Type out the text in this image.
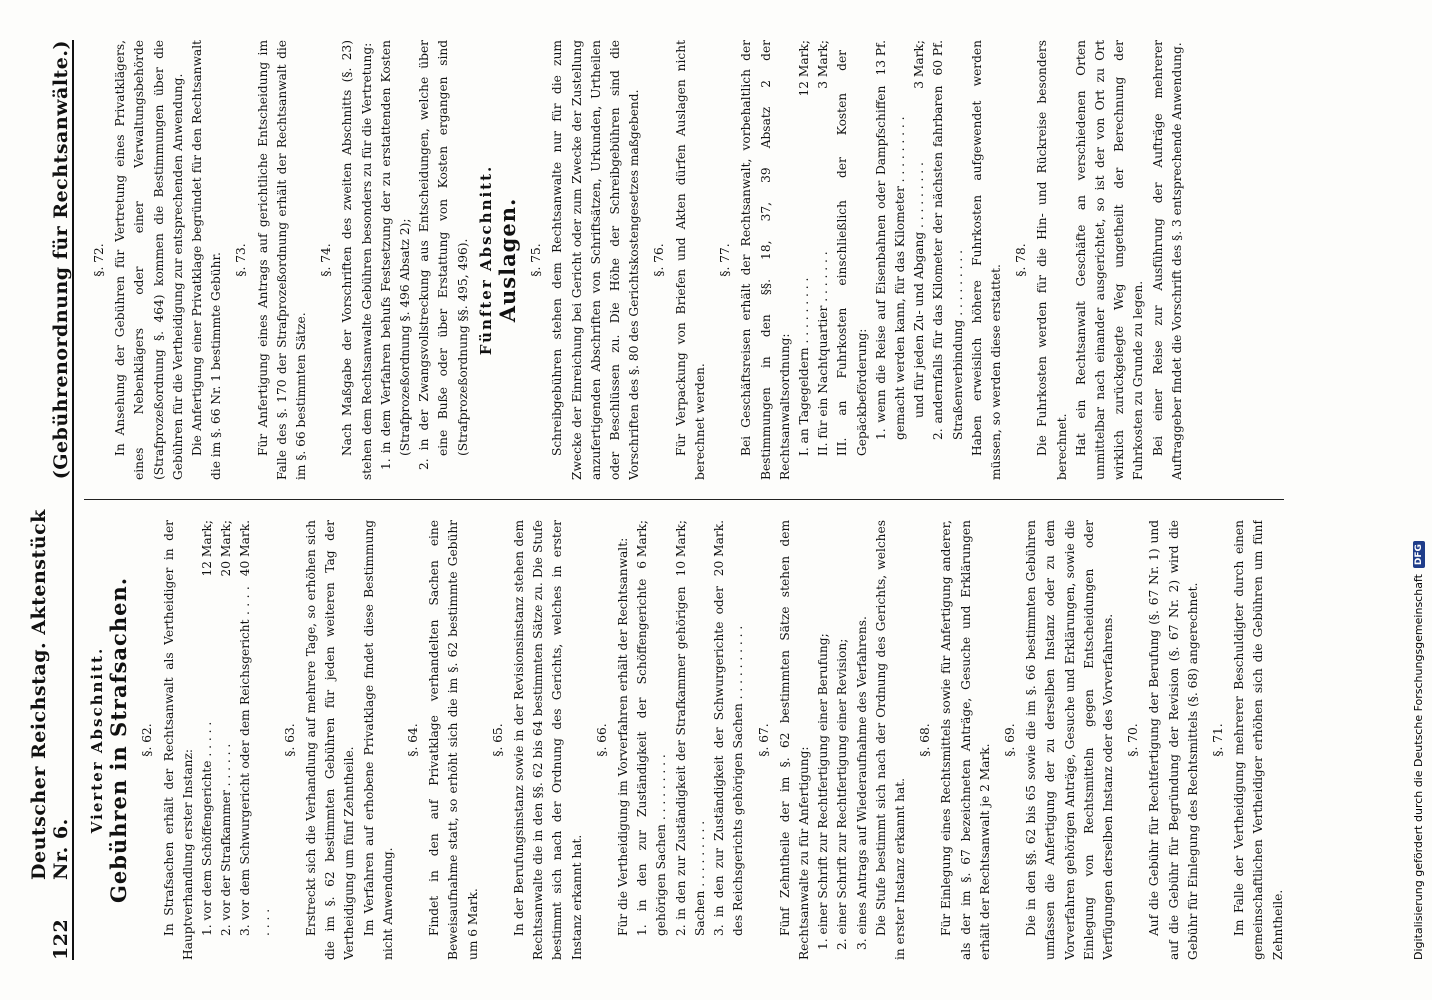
122
Deutscher Reichstag. Aktenstück Nr. 6.
(Gebührenordnung für Rechtsanwälte.)
Vierter Abschnitt. Gebühren in Strafsachen. §. 62. In Strafsachen erhält der Rechtsanwalt als Vertheidiger in der Hauptverhandlung erster Instanz: 1. vor dem Schöffengerichte . . . . .
12 Mark;
2. vor der Strafkammer . . . . . .
20 Mark;
3. vor dem Schwurgericht oder dem Reichsgericht . . . . . . . .
40 Mark.
§. 63. Erstreckt sich die Verhandlung auf mehrere Tage, so erhöhen sich die im §. 62 bestimmten Gebühren für jeden weiteren Tag der Vertheidigung um fünf Zehntheile. Im Verfahren auf erhobene Privatklage findet diese Bestimmung nicht Anwendung.

§. 64. Findet in den auf Privatklage verhandelten Sachen eine Beweisaufnahme statt, so erhöht sich die im §. 62 bestimmte Gebühr um 6 Mark.

§. 65. In der Berufungsinstanz sowie in der Revisionsinstanz stehen dem Rechtsanwalte die in den §§. 62 bis 64 bestimmten Sätze zu. Die Stufe bestimmt sich nach der Ordnung des Gerichts, welches in erster Instanz erkannt hat.

§. 66. Für die Vertheidigung im Vorverfahren erhält der Rechtsanwalt: 1. in den zur Zuständigkeit der Schöffengerichte gehörigen Sachen . . . . . . . . .
6 Mark;
2. in den zur Zuständigkeit der Strafkammer gehörigen Sachen . . . . . . . . .
10 Mark;
3. in den zur Zuständigkeit der Schwurgerichte oder des Reichsgerichts gehörigen Sachen . . . . . . . . . .
20 Mark.
§. 67. Fünf Zehntheile der im §. 62 bestimmten Sätze stehen dem Rechtsanwalte zu für Anfertigung: 1. einer Schrift zur Rechtfertigung einer Berufung; 2. einer Schrift zur Rechtfertigung einer Revision; 3. eines Antrags auf Wiederaufnahme des Verfahrens. Die Stufe bestimmt sich nach der Ordnung des Gerichts, welches in erster Instanz erkannt hat.

§. 68. Für Einlegung eines Rechtsmittels sowie für Anfertigung anderer, als der im §. 67 bezeichneten Anträge, Gesuche und Erklärungen erhält der Rechtsanwalt je 2 Mark.

§. 69. Die in den §§. 62 bis 65 sowie die im §. 66 bestimmten Gebühren umfassen die Anfertigung der zu derselben Instanz oder zu dem Vorverfahren gehörigen Anträge, Gesuche und Erklärungen, sowie die Einlegung von Rechtsmitteln gegen Entscheidungen oder Verfügungen derselben Instanz oder des Vorverfahrens. §. 70. Auf die Gebühr für Rechtfertigung der Berufung (§. 67 Nr. 1) und auf die Gebühr für Begründung der Revision (§. 67 Nr. 2) wird die Gebühr für Einlegung des Rechtsmittels (§. 68) angerechnet. §. 71. Im Falle der Vertheidigung mehrerer Beschuldigter durch einen gemeinschaftlichen Vertheidiger erhöhen sich die Gebühren um fünf Zehntheile.

§. 72. In Ansehung der Gebühren für Vertretung eines Privatklägers, eines Nebenklägers oder einer Verwaltungsbehörde (Strafprozeßordnung §. 464) kommen die Bestimmungen über die Gebühren für die Vertheidigung zur entsprechenden Anwendung. Die Anfertigung einer Privatklage begründet für den Rechtsanwalt die im §. 66 Nr. 1 bestimmte Gebühr. §. 73. Für Anfertigung eines Antrags auf gerichtliche Entscheidung im Falle des §. 170 der Strafprozeßordnung erhält der Rechtsanwalt die im §. 66 bestimmten Sätze.

§. 74. Nach Maßgabe der Vorschriften des zweiten Abschnitts (§. 23) stehen dem Rechtsanwalte Gebühren besonders zu für die Vertretung: 1. in dem Verfahren behufs Festsetzung der zu erstattenden Kosten (Strafprozeßordnung §. 496 Absatz 2); 2. in der Zwangsvollstreckung aus Entscheidungen, welche über eine Buße oder über Erstattung von Kosten ergangen sind (Strafprozeßordnung §§. 495, 496). Fünfter Abschnitt. Auslagen. §. 75. Schreibgebühren stehen dem Rechtsanwalte nur für die zum Zwecke der Einreichung bei Gericht oder zum Zwecke der Zustellung anzufertigenden Abschriften von Schriftsätzen, Urkunden, Urtheilen oder Beschlüssen zu. Die Höhe der Schreibgebühren sind die Vorschriften des §. 80 des Gerichtskostengesetzes maßgebend. §. 76. Für Verpackung von Briefen und Akten dürfen Auslagen nicht berechnet werden.

§. 77. Bei Geschäftsreisen erhält der Rechtsanwalt, vorbehaltlich der Bestimmungen in den §§. 18, 37, 39 Absatz 2 der Rechtsanwaltsordnung: I. an Tagegeldern . . . . . . . . .
12 Mark;
II. für ein Nachtquartier . . . . . . .
3 Mark; III. an Fuhrkosten einschließlich der Kosten der Gepäckbeförderung: 1. wenn die Reise auf Eisenbahnen oder Dampfschiffen gemacht werden kann, für das Kilometer . . . . . . . . .
13 Pf.
und für jeden Zu- und Abgang . . . . . . . . .
3 Mark;
2. andernfalls für das Kilometer der nächsten fahrbaren Straßenverbindung . . . . . . . . .
60 Pf.	Haben erweislich höhere Fuhrkosten aufgewendet werden müssen, so werden diese erstattet.

§. 78. Die Fuhrkosten werden für die Hin- und Rückreise besonders berechnet. Hat ein Rechtsanwalt Geschäfte an verschiedenen Orten unmittelbar nach einander ausgerichtet, so ist der von Ort zu Ort wirklich zurückgelegte Weg ungetheilt der Berechnung der Fuhrkosten zu Grunde zu legen. Bei einer Reise zur Ausführung der Aufträge mehrerer Auftraggeber findet die Vorschrift des §. 3 entsprechende Anwendung.

Digitalisierung gefördert durch die Deutsche Forschungsgemeinschaft
DFG
